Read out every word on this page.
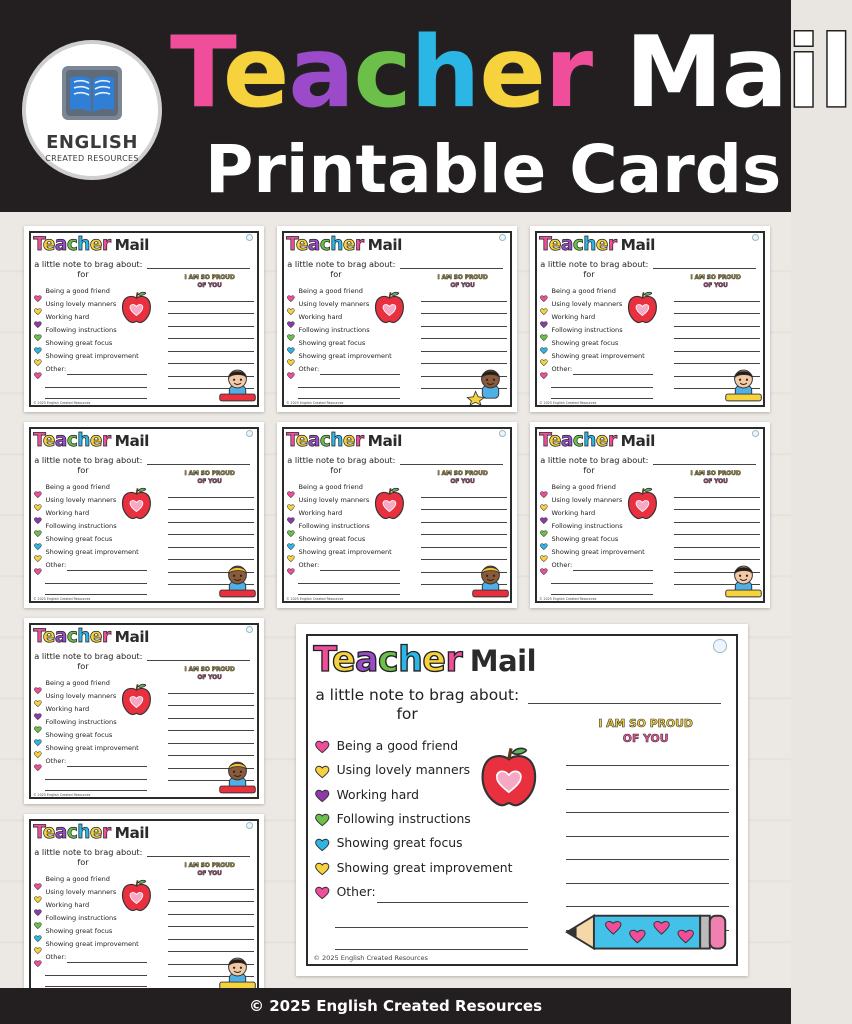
ENGLISH
CREATED RESOURCES
Teacher Mail
Printable Cards
Teacher Mail
a little note to brag about:
for
Being a good friend
Using lovely manners
Working hard
Following instructions
Showing great focus
Showing great improvement
Other:
I AM SO PROUD
OF YOU
© 2025 English Created Resources
Teacher Mail
a little note to brag about:
for
Being a good friend
Using lovely manners
Working hard
Following instructions
Showing great focus
Showing great improvement
Other:
I AM SO PROUD
OF YOU
© 2025 English Created Resources
Teacher Mail
a little note to brag about:
for
Being a good friend
Using lovely manners
Working hard
Following instructions
Showing great focus
Showing great improvement
Other:
I AM SO PROUD
OF YOU
© 2025 English Created Resources
Teacher Mail
a little note to brag about:
for
Being a good friend
Using lovely manners
Working hard
Following instructions
Showing great focus
Showing great improvement
Other:
I AM SO PROUD
OF YOU
© 2025 English Created Resources
Teacher Mail
a little note to brag about:
for
Being a good friend
Using lovely manners
Working hard
Following instructions
Showing great focus
Showing great improvement
Other:
I AM SO PROUD
OF YOU
© 2025 English Created Resources
Teacher Mail
a little note to brag about:
for
Being a good friend
Using lovely manners
Working hard
Following instructions
Showing great focus
Showing great improvement
Other:
I AM SO PROUD
OF YOU
© 2025 English Created Resources
Teacher Mail
a little note to brag about:
for
Being a good friend
Using lovely manners
Working hard
Following instructions
Showing great focus
Showing great improvement
Other:
I AM SO PROUD
OF YOU
© 2025 English Created Resources
Teacher Mail
a little note to brag about:
for
Being a good friend
Using lovely manners
Working hard
Following instructions
Showing great focus
Showing great improvement
Other:
I AM SO PROUD
OF YOU
Teacher Mail
a little note to brag about:
for
Being a good friend
Using lovely manners
Working hard
Following instructions
Showing great focus
Showing great improvement
Other:
I AM SO PROUD
OF YOU
© 2025 English Created Resources
© 2025 English Created Resources
